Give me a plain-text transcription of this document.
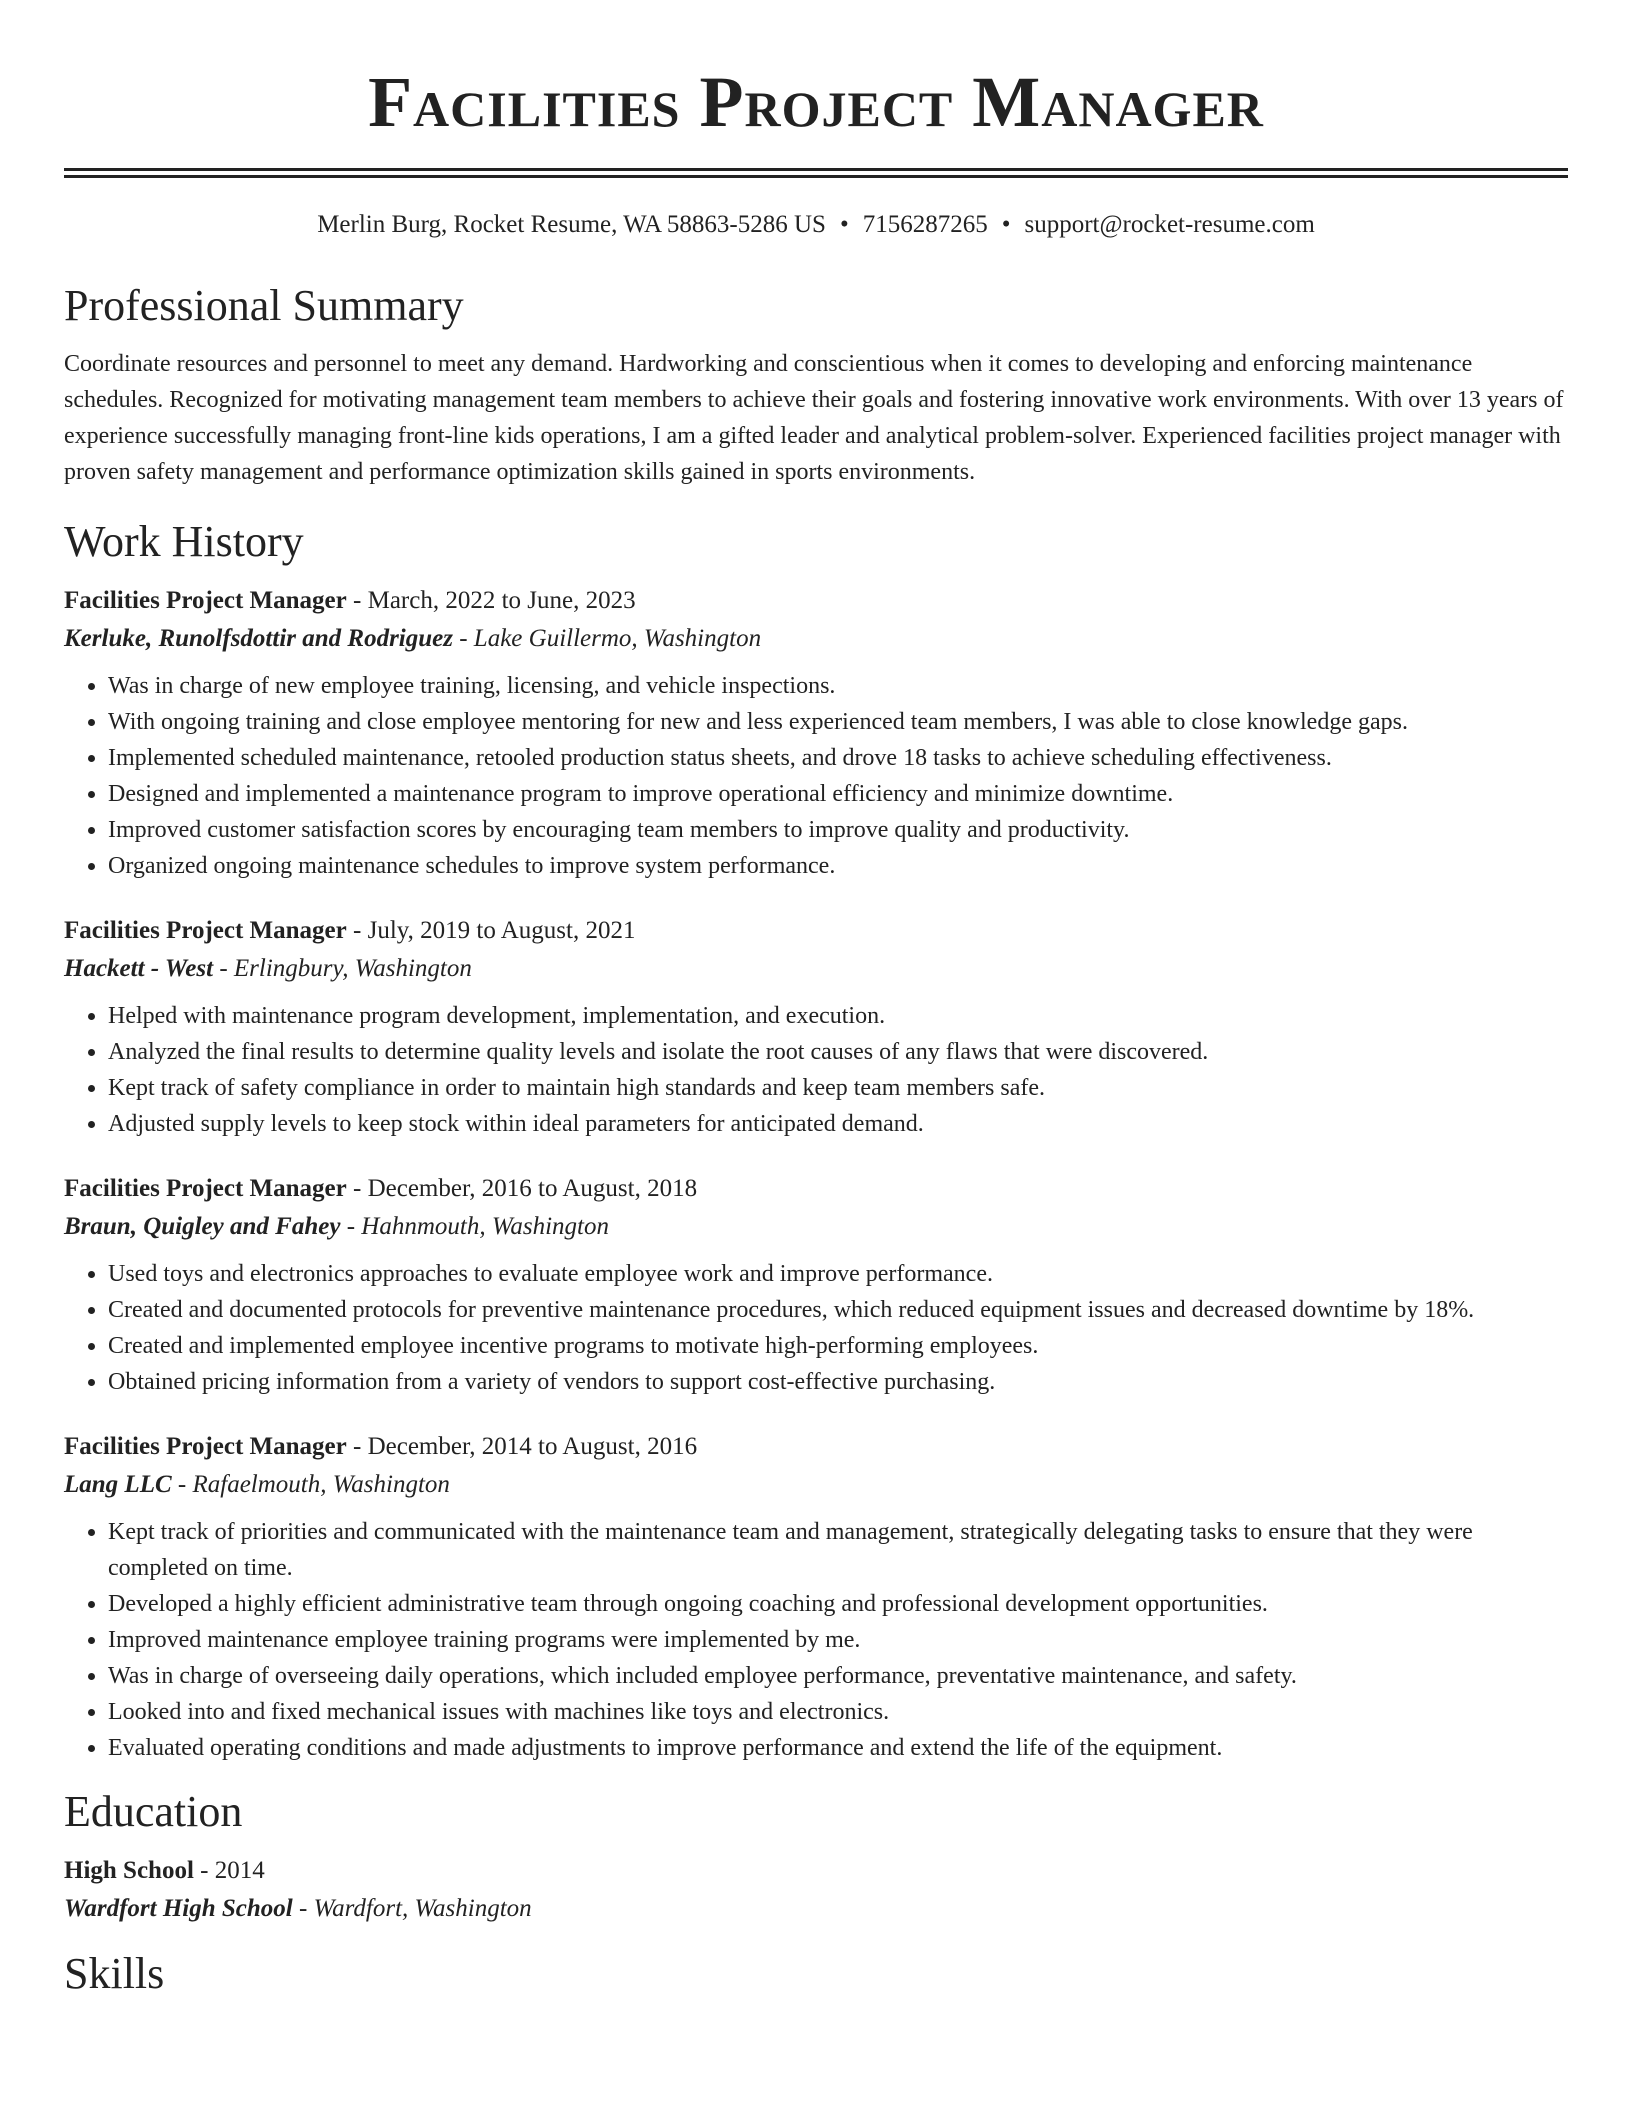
Facilities Project Manager
Merlin Burg, Rocket Resume, WA 58863-5286 US • 7156287265 • support@rocket-resume.com
Professional Summary
Coordinate resources and personnel to meet any demand. Hardworking and conscientious when it comes to developing and enforcing maintenance schedules. Recognized for motivating management team members to achieve their goals and fostering innovative work environments. With over 13 years of experience successfully managing front-line kids operations, I am a gifted leader and analytical problem-solver. Experienced facilities project manager with proven safety management and performance optimization skills gained in sports environments.
Work History
Facilities Project Manager - March, 2022 to June, 2023
Kerluke, Runolfsdottir and Rodriguez - Lake Guillermo, Washington
• Was in charge of new employee training, licensing, and vehicle inspections.
• With ongoing training and close employee mentoring for new and less experienced team members, I was able to close knowledge gaps.
• Implemented scheduled maintenance, retooled production status sheets, and drove 18 tasks to achieve scheduling effectiveness.
• Designed and implemented a maintenance program to improve operational efficiency and minimize downtime.
• Improved customer satisfaction scores by encouraging team members to improve quality and productivity.
• Organized ongoing maintenance schedules to improve system performance.
Facilities Project Manager - July, 2019 to August, 2021
Hackett - West - Erlingbury, Washington
• Helped with maintenance program development, implementation, and execution.
• Analyzed the final results to determine quality levels and isolate the root causes of any flaws that were discovered.
• Kept track of safety compliance in order to maintain high standards and keep team members safe.
• Adjusted supply levels to keep stock within ideal parameters for anticipated demand.
Facilities Project Manager - December, 2016 to August, 2018
Braun, Quigley and Fahey - Hahnmouth, Washington
• Used toys and electronics approaches to evaluate employee work and improve performance.
• Created and documented protocols for preventive maintenance procedures, which reduced equipment issues and decreased downtime by 18%.
• Created and implemented employee incentive programs to motivate high-performing employees.
• Obtained pricing information from a variety of vendors to support cost-effective purchasing.
Facilities Project Manager - December, 2014 to August, 2016
Lang LLC - Rafaelmouth, Washington
• Kept track of priorities and communicated with the maintenance team and management, strategically delegating tasks to ensure that they were completed on time.
• Developed a highly efficient administrative team through ongoing coaching and professional development opportunities.
• Improved maintenance employee training programs were implemented by me.
• Was in charge of overseeing daily operations, which included employee performance, preventative maintenance, and safety.
• Looked into and fixed mechanical issues with machines like toys and electronics.
• Evaluated operating conditions and made adjustments to improve performance and extend the life of the equipment.
Education
High School - 2014
Wardfort High School - Wardfort, Washington
Skills
